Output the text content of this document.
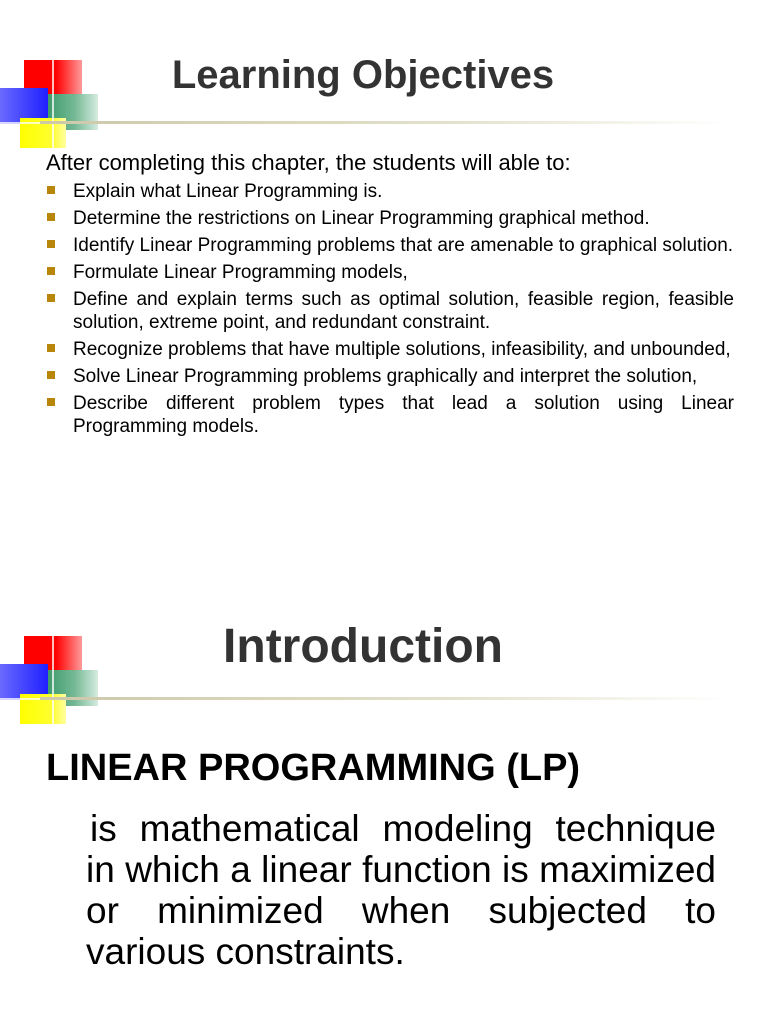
Learning Objectives

After completing this chapter, the students will able to:

Explain what Linear Programming is.
Determine the restrictions on Linear Programming graphical method.
Identify Linear Programming problems that are amenable to graphical solution.
Formulate Linear Programming models,
Define and explain terms such as optimal solution, feasible region, feasible solution, extreme point, and redundant constraint.
Recognize problems that have multiple solutions, infeasibility, and unbounded,
Solve Linear Programming problems graphically and interpret the solution,
Describe different problem types that lead a solution using Linear Programming models.
Introduction
LINEAR PROGRAMMING (LP)

is mathematical modeling technique in which a linear function is maximized or minimized when subjected to various constraints.
